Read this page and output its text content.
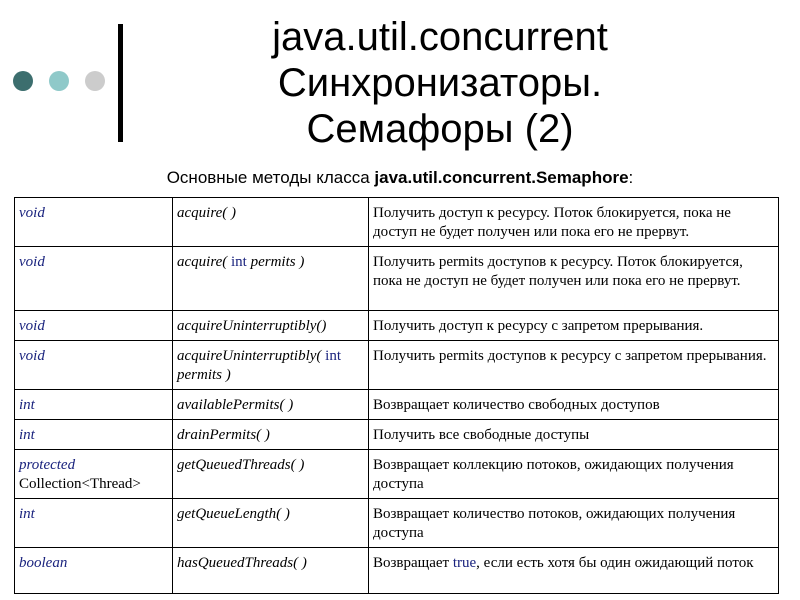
java.util.concurrent
Синхронизаторы.
Семафоры (2)
Основные методы класса java.util.concurrent.Semaphore:
void	acquire( )	Получить доступ к ресурсу. Поток блокируется, пока не доступ не будет получен или пока его не прервут.
void	acquire( int permits )	Получить permits доступов к ресурсу. Поток блокируется, пока не доступ не будет получен или пока его не прервут.
void	acquireUninterruptibly()	Получить доступ к ресурсу с запретом прерывания.
void	acquireUninterruptibly( int permits )	Получить permits доступов к ресурсу с запретом прерывания.
int	availablePermits( )	Возвращает количество свободных доступов
int	drainPermits( )	Получить все свободные доступы
protected
Collection<Thread>	getQueuedThreads( )	Возвращает коллекцию потоков, ожидающих получения доступа
int	getQueueLength( )	Возвращает количество потоков, ожидающих получения доступа
boolean	hasQueuedThreads( )	Возвращает true, если есть хотя бы один ожидающий поток
